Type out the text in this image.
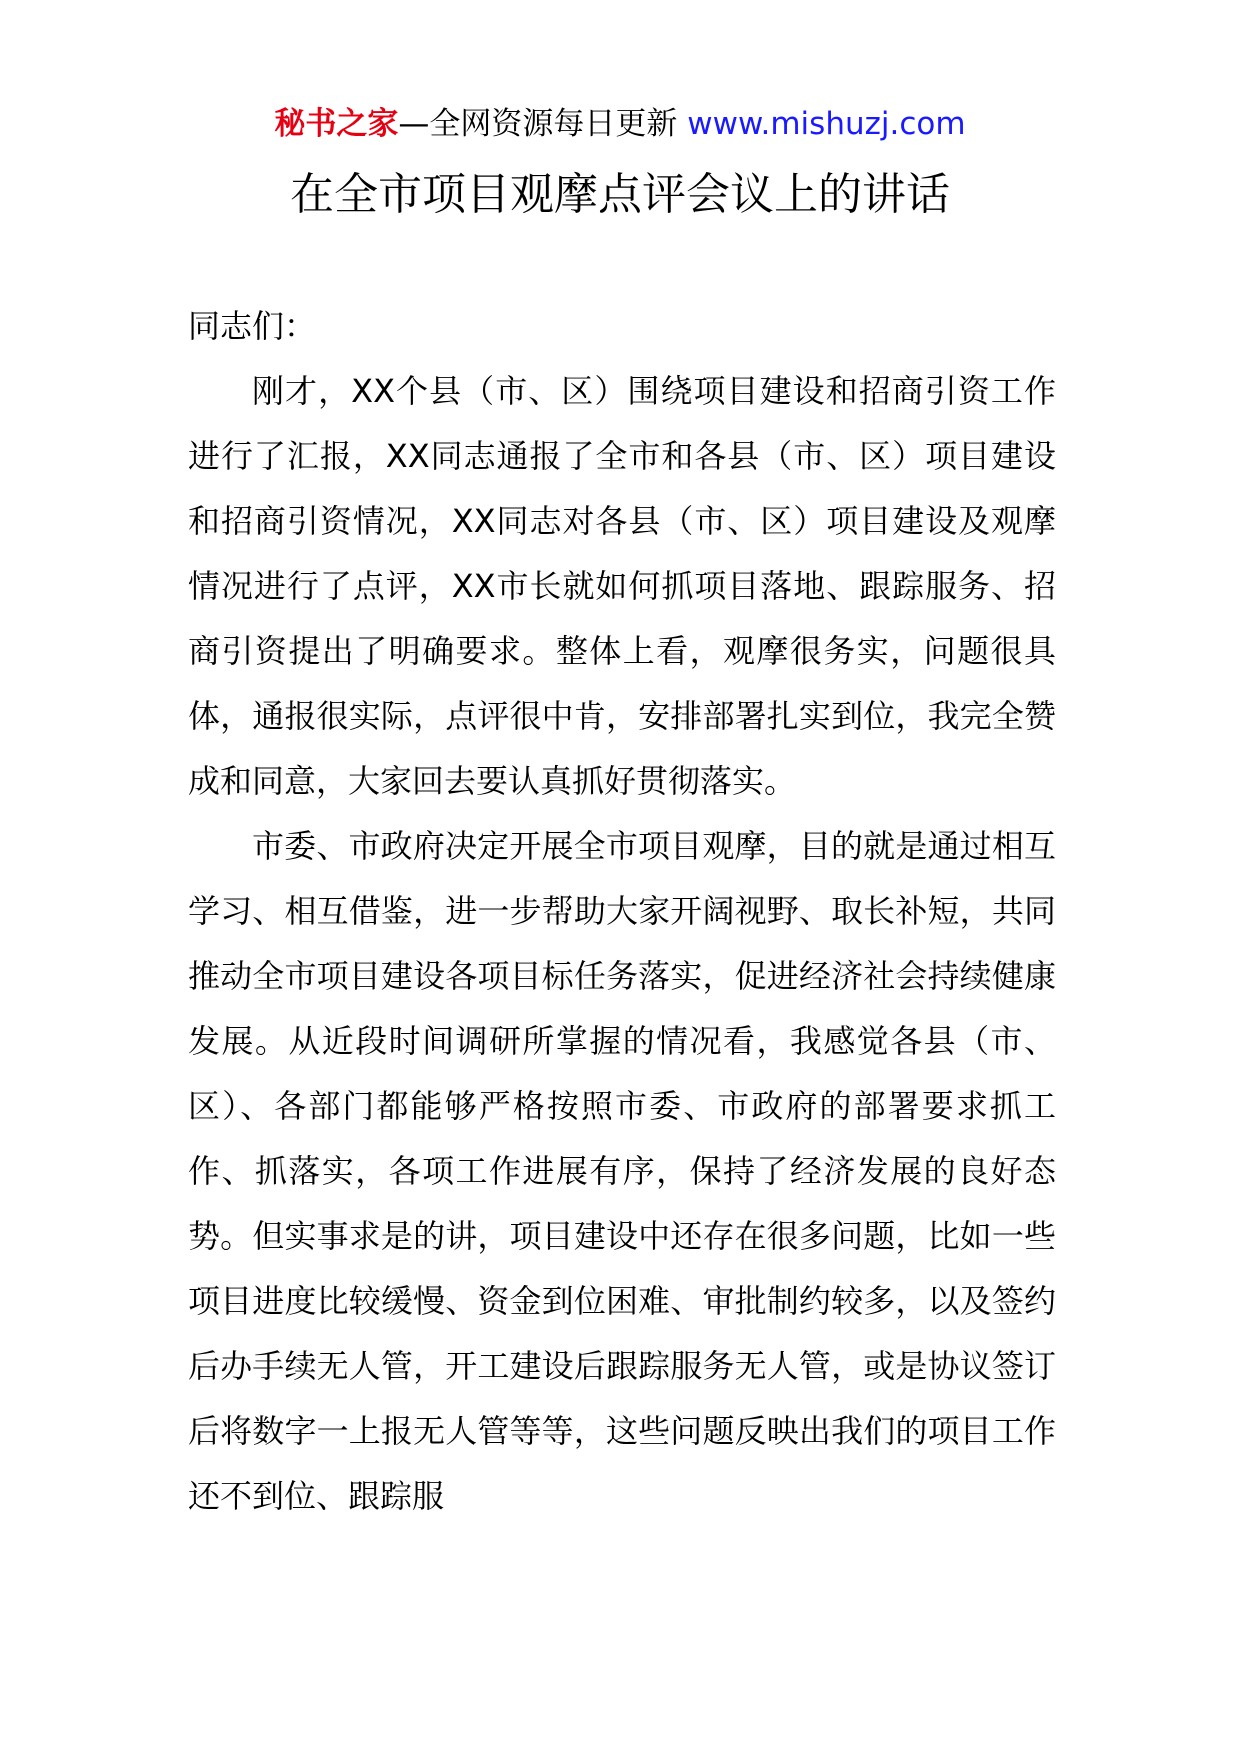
秘书之家—全网资源每日更新 www.mishuzj.com
在全市项目观摩点评会议上的讲话

同志们：

刚才，XX个县（市、区）围绕项目建设和招商引资工作进行了汇报，XX同志通报了全市和各县（市、区）项目建设和招商引资情况，XX同志对各县（市、区）项目建设及观摩情况进行了点评，XX市长就如何抓项目落地、跟踪服务、招商引资提出了明确要求。整体上看，观摩很务实，问题很具体，通报很实际，点评很中肯，安排部署扎实到位，我完全赞成和同意，大家回去要认真抓好贯彻落实。

市委、市政府决定开展全市项目观摩，目的就是通过相互学习、相互借鉴，进一步帮助大家开阔视野、取长补短，共同推动全市项目建设各项目标任务落实，促进经济社会持续健康发展。从近段时间调研所掌握的情况看，我感觉各县（市、区）、各部门都能够严格按照市委、市政府的部署要求抓工作、抓落实，各项工作进展有序，保持了经济发展的良好态势。但实事求是的讲，项目建设中还存在很多问题，比如一些项目进度比较缓慢、资金到位困难、审批制约较多，以及签约后办手续无人管，开工建设后跟踪服务无人管，或是协议签订后将数字一上报无人管等等，这些问题反映出我们的项目工作还不到位、跟踪服
